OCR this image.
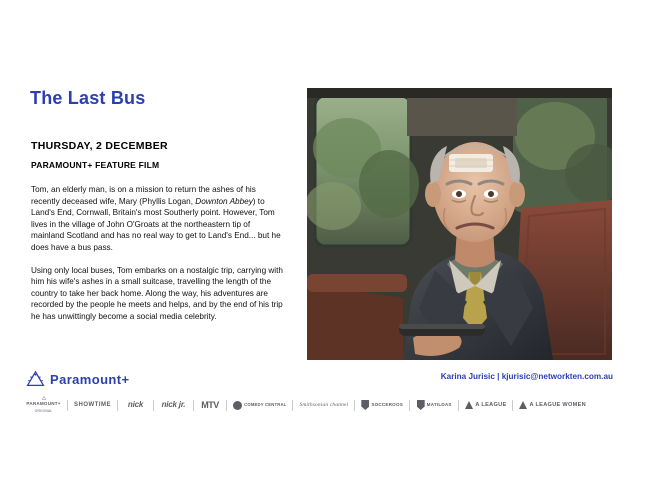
The Last Bus
THURSDAY, 2 DECEMBER
PARAMOUNT+ FEATURE FILM

Tom, an elderly man, is on a mission to return the ashes of his recently deceased wife, Mary (Phyllis Logan, Downton Abbey) to Land's End, Cornwall, Britain's most Southerly point. However, Tom lives in the village of John O'Groats at the northeastern tip of mainland Scotland and has no real way to get to Land's End... but he does have a bus pass.

Using only local buses, Tom embarks on a nostalgic trip, carrying with him his wife's ashes in a small suitcase, travelling the length of the country to take her back home. Along the way, his adventures are recorded by the people he meets and helps, and by the end of his trip he has unwittingly become a social media celebrity.

Karina Jurisic | kjurisic@networkten.com.au
Paramount+
PARAMOUNT+
ORIGINAL
SHOWTIME nick nick jr. MTV	COMEDY CENTRAL Smithsonian channel	SOCCEROOS	MATILDAS	A LEAGUE	A LEAGUE WOMEN
